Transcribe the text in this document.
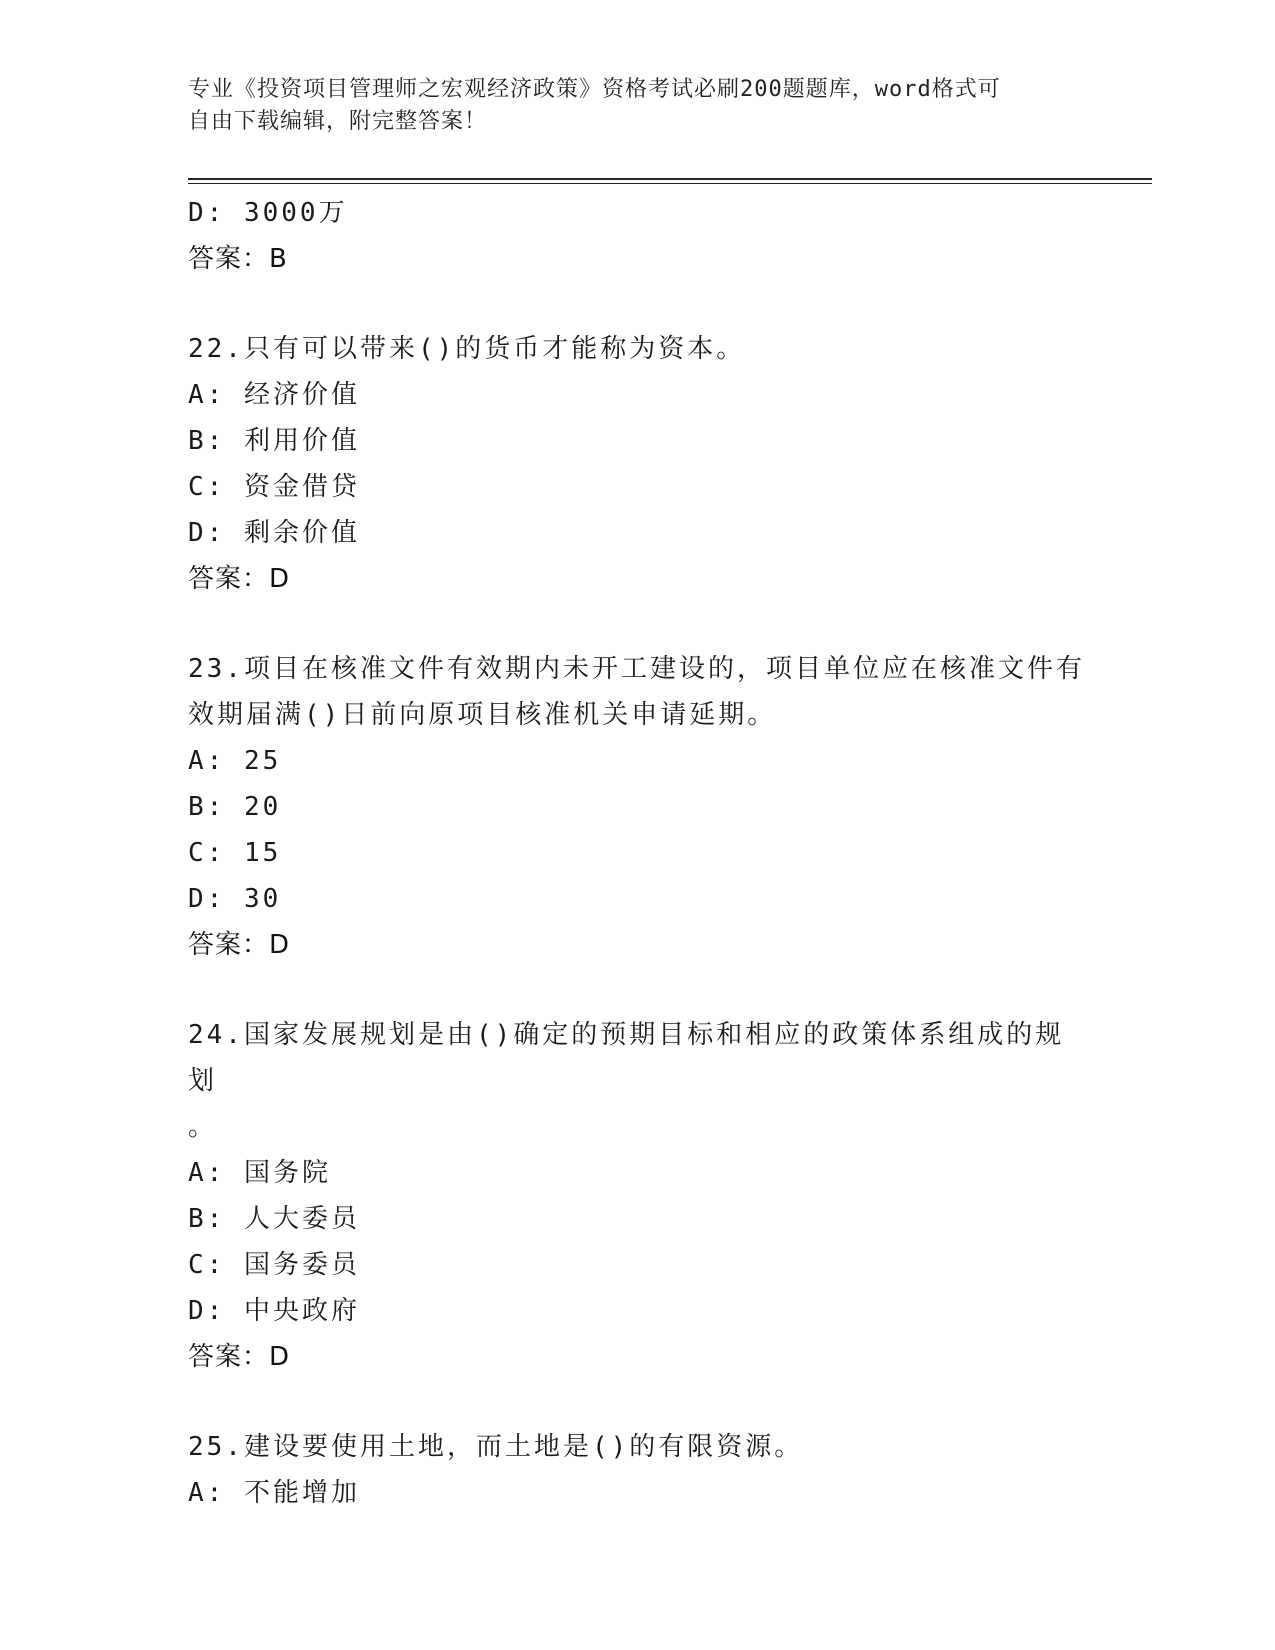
专业《投资项目管理师之宏观经济政策》资格考试必刷200题题库，word格式可
自由下载编辑，附完整答案！
D: 3000万
答案：B
22.只有可以带来()的货币才能称为资本。
A: 经济价值
B: 利用价值
C: 资金借贷
D: 剩余价值
答案：D
23.项目在核准文件有效期内未开工建设的，项目单位应在核准文件有
效期届满()日前向原项目核准机关申请延期。
A: 25
B: 20
C: 15
D: 30
答案：D
24.国家发展规划是由()确定的预期目标和相应的政策体系组成的规划
。
A: 国务院
B: 人大委员
C: 国务委员
D: 中央政府
答案：D
25.建设要使用土地，而土地是()的有限资源。
A: 不能增加
